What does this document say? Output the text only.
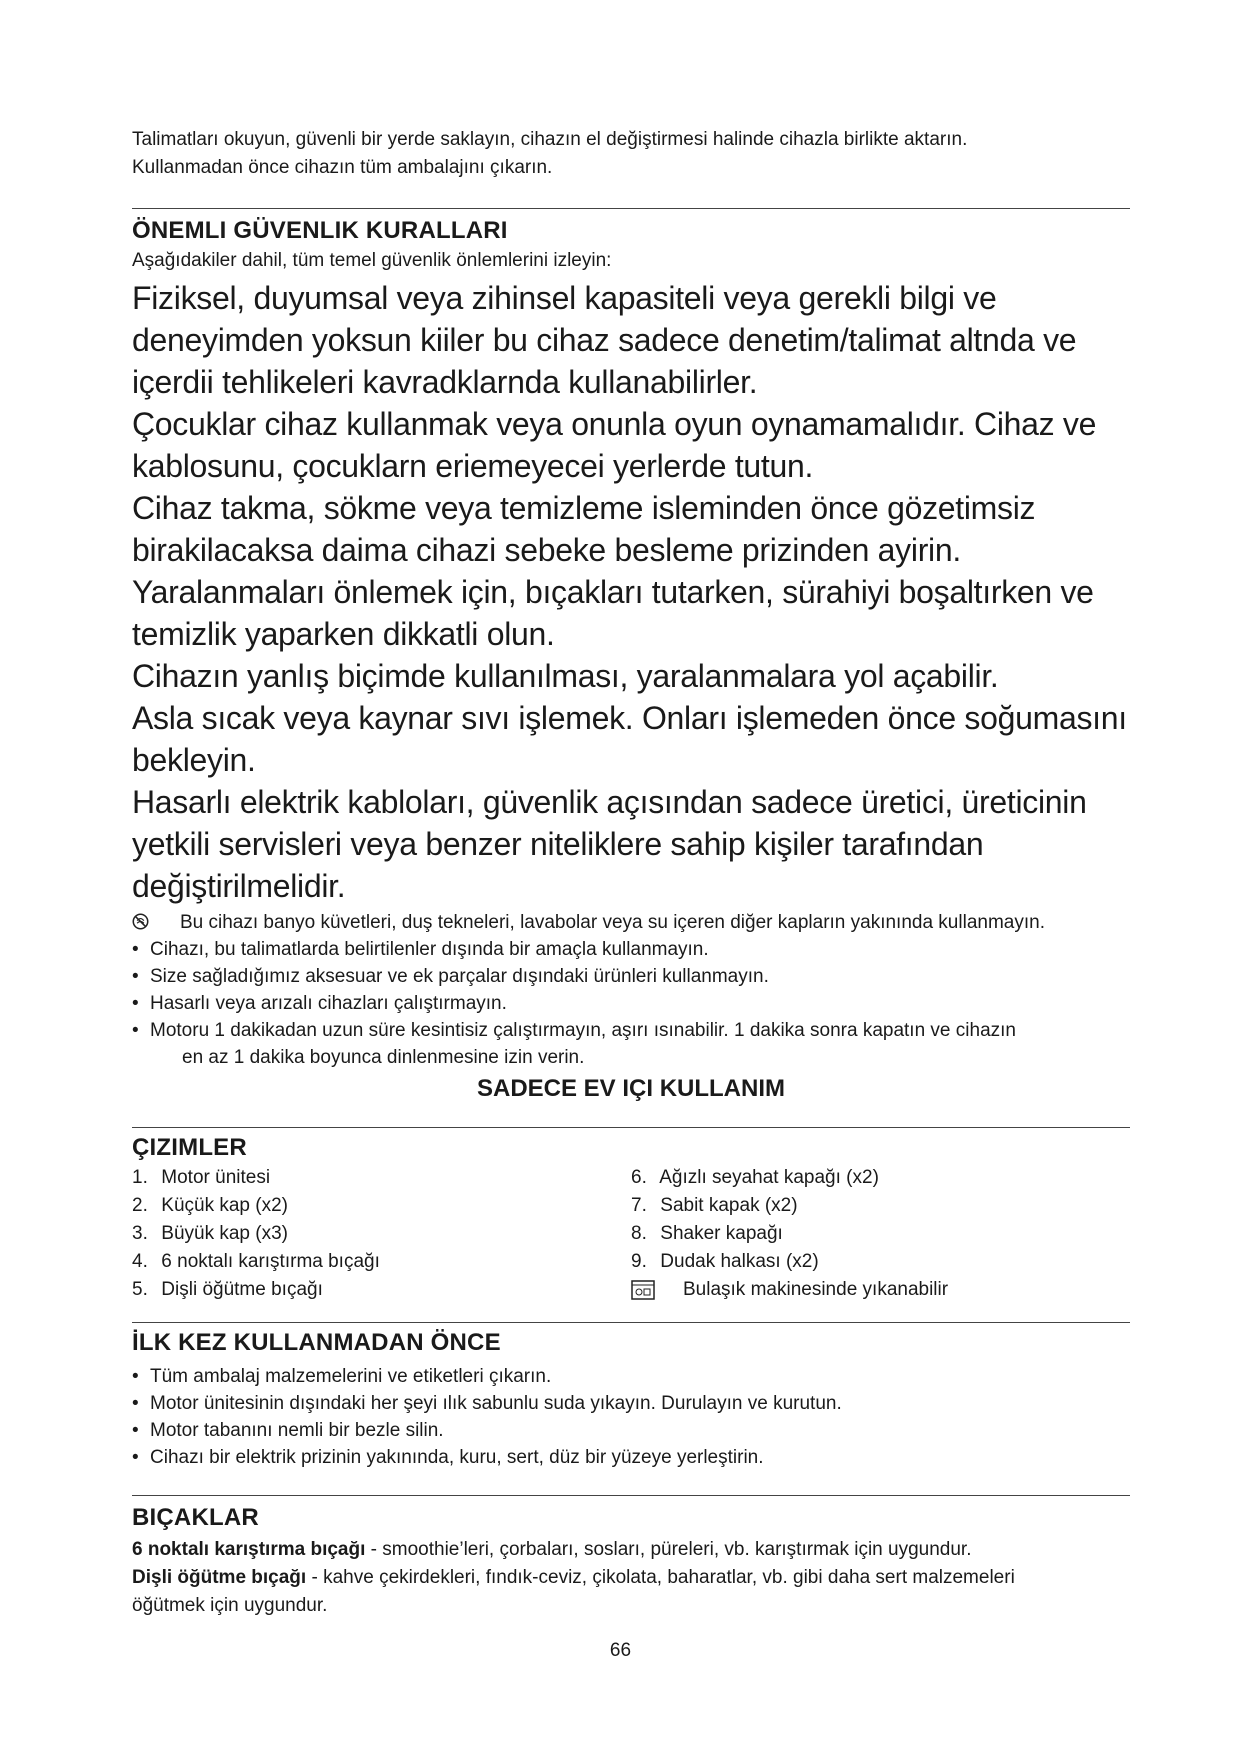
Talimatları okuyun, güvenli bir yerde saklayın, cihazın el değiştirmesi halinde cihazla birlikte aktarın.

Kullanmadan önce cihazın tüm ambalajını çıkarın.

ÖNEMLI GÜVENLIK KURALLARI

Aşağıdakiler dahil, tüm temel güvenlik önlemlerini izleyin:

Fiziksel, duyumsal veya zihinsel kapasiteli veya gerekli bilgi ve deneyimden yoksun kiiler bu cihaz sadece denetim/talimat altnda ve içerdii tehlikeleri kavradklarnda kullanabilirler.

Çocuklar cihaz kullanmak veya onunla oyun oynamamalıdır. Cihaz ve kablosunu, çocuklarn eriemeyecei yerlerde tutun.

Cihaz takma, sökme veya temizleme isleminden önce gözetimsiz birakilacaksa daima cihazi sebeke besleme prizinden ayirin.

Yaralanmaları önlemek için, bıçakları tutarken, sürahiyi boşaltırken ve temizlik yaparken dikkatli olun.

Cihazın yanlış biçimde kullanılması, yaralanmalara yol açabilir.

Asla sıcak veya kaynar sıvı işlemek. Onları işlemeden önce soğumasını bekleyin.

Hasarlı elektrik kabloları, güvenlik açısından sadece üretici, üreticinin yetkili servisleri veya benzer niteliklere sahip kişiler tarafından değiştirilmelidir.

Bu cihazı banyo küvetleri, duş tekneleri, lavabolar veya su içeren diğer kapların yakınında kullanmayın.
• Cihazı, bu talimatlarda belirtilenler dışında bir amaçla kullanmayın.
• Size sağladığımız aksesuar ve ek parçalar dışındaki ürünleri kullanmayın.
• Hasarlı veya arızalı cihazları çalıştırmayın.
• Motoru 1 dakikadan uzun süre kesintisiz çalıştırmayın, aşırı ısınabilir. 1 dakika sonra kapatın ve cihazın
en az 1 dakika boyunca dinlenmesine izin verin.

SADECE EV IÇI KULLANIM

ÇIZIMLER
1. Motor ünitesi
2. Küçük kap (x2)
3. Büyük kap (x3)
4. 6 noktalı karıştırma bıçağı
5. Dişli öğütme bıçağı
6. Ağızlı seyahat kapağı (x2)
7. Sabit kapak (x2)
8. Shaker kapağı
9. Dudak halkası (x2)
Bulaşık makinesinde yıkanabilir
İLK KEZ KULLANMADAN ÖNCE
• Tüm ambalaj malzemelerini ve etiketleri çıkarın.
• Motor ünitesinin dışındaki her şeyi ılık sabunlu suda yıkayın. Durulayın ve kurutun.
• Motor tabanını nemli bir bezle silin.
• Cihazı bir elektrik prizinin yakınında, kuru, sert, düz bir yüzeye yerleştirin.
BIÇAKLAR

6 noktalı karıştırma bıçağı - smoothie’leri, çorbaları, sosları, püreleri, vb. karıştırmak için uygundur.

Dişli öğütme bıçağı - kahve çekirdekleri, fındık-ceviz, çikolata, baharatlar, vb. gibi daha sert malzemeleri

öğütmek için uygundur.

66
